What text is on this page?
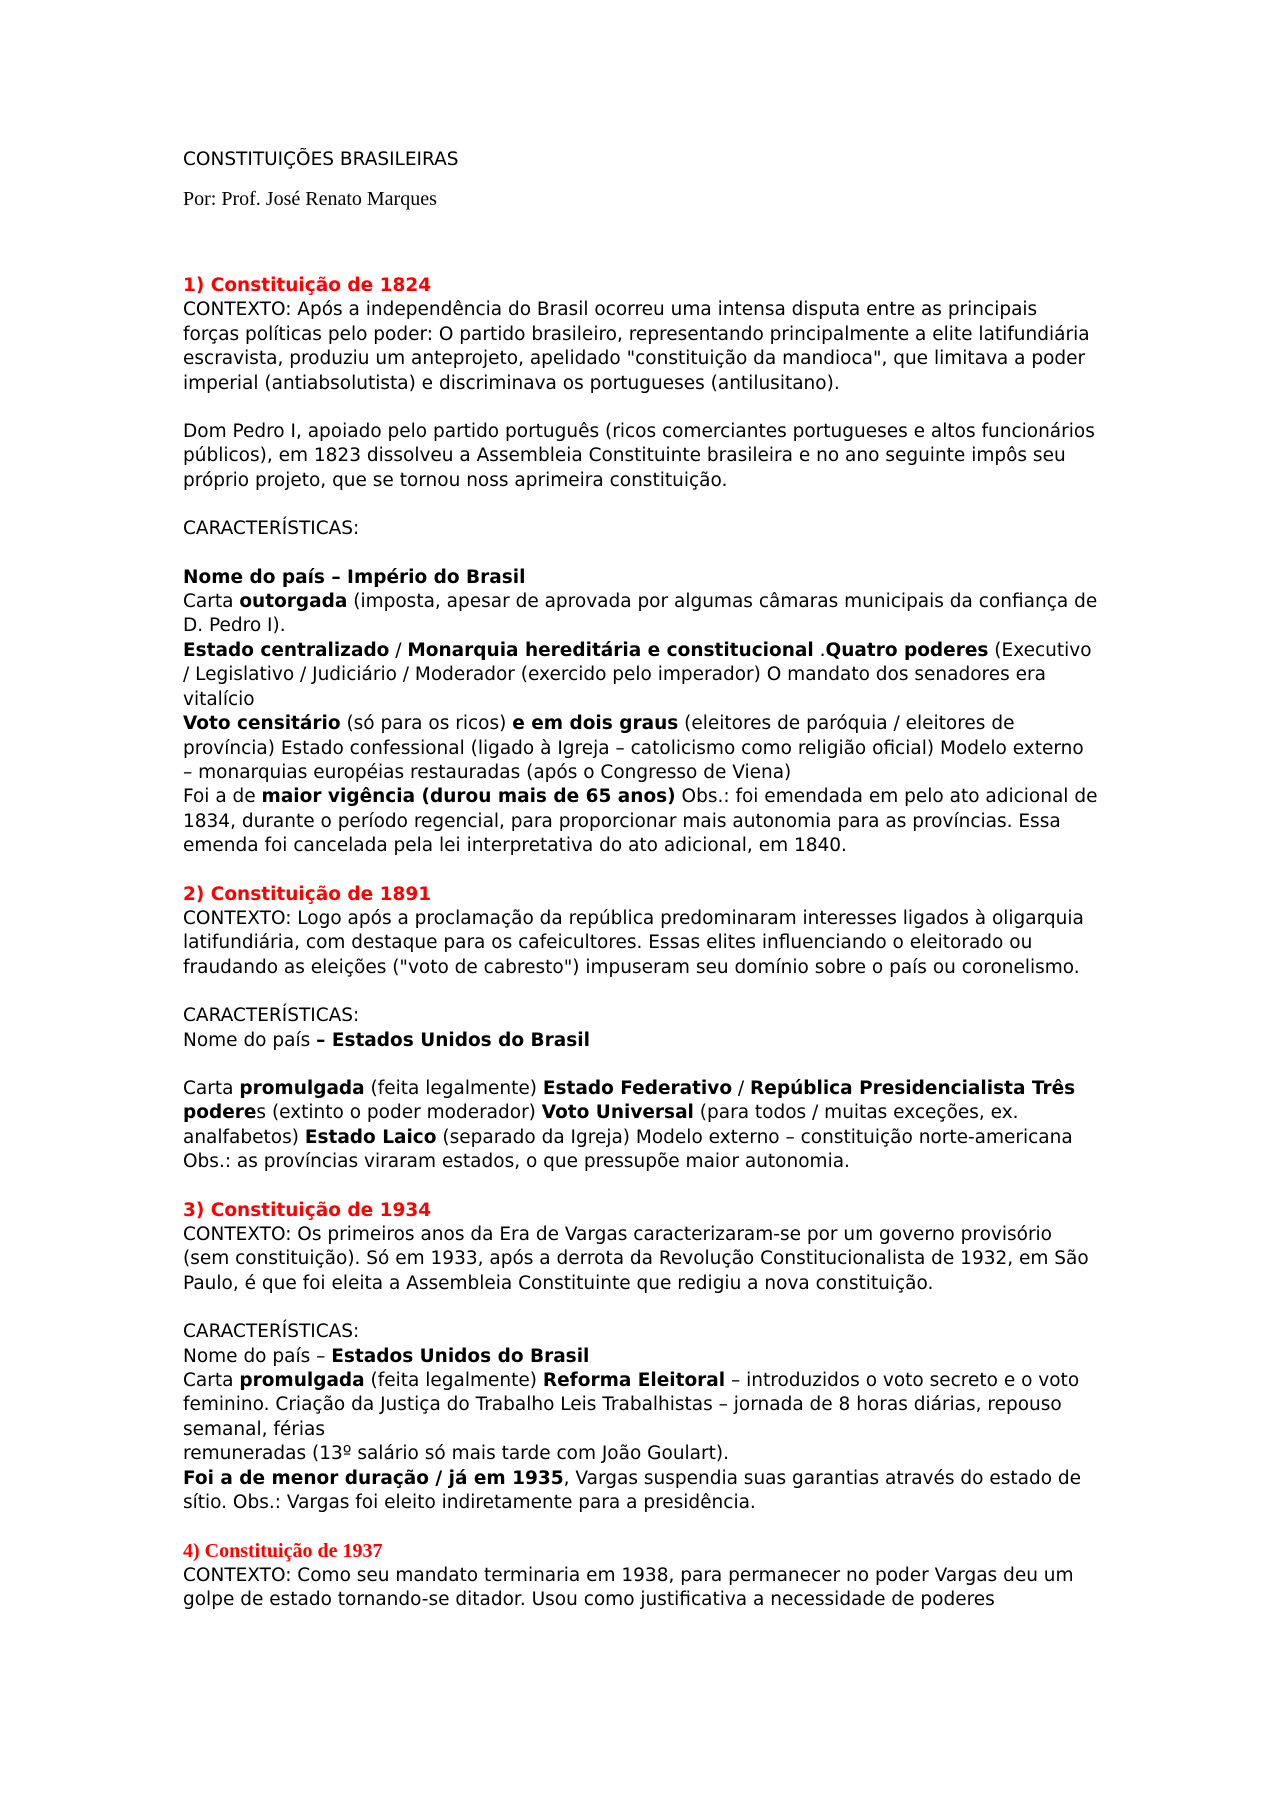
CONSTITUIÇÕES BRASILEIRAS

Por: Prof. José Renato Marques

1) Constituição de 1824

CONTEXTO: Após a independência do Brasil ocorreu uma intensa disputa entre as principais forças políticas pelo poder: O partido brasileiro, representando principalmente a elite latifundiária escravista, produziu um anteprojeto, apelidado "constituição da mandioca", que limitava a poder imperial (antiabsolutista) e discriminava os portugueses (antilusitano).

Dom Pedro I, apoiado pelo partido português (ricos comerciantes portugueses e altos funcionários públicos), em 1823 dissolveu a Assembleia Constituinte brasileira e no ano seguinte impôs seu próprio projeto, que se tornou noss aprimeira constituição.

CARACTERÍSTICAS:

Nome do país – Império do Brasil

Carta outorgada (imposta, apesar de aprovada por algumas câmaras municipais da confiança de D. Pedro I).

Estado centralizado / Monarquia hereditária e constitucional .Quatro poderes (Executivo / Legislativo / Judiciário / Moderador (exercido pelo imperador) O mandato dos senadores era vitalício

Voto censitário (só para os ricos) e em dois graus (eleitores de paróquia / eleitores de província) Estado confessional (ligado à Igreja – catolicismo como religião oficial) Modelo externo – monarquias européias restauradas (após o Congresso de Viena)

Foi a de maior vigência (durou mais de 65 anos) Obs.: foi emendada em pelo ato adicional de 1834, durante o período regencial, para proporcionar mais autonomia para as províncias. Essa emenda foi cancelada pela lei interpretativa do ato adicional, em 1840.

2) Constituição de 1891

CONTEXTO: Logo após a proclamação da república predominaram interesses ligados à oligarquia latifundiária, com destaque para os cafeicultores. Essas elites influenciando o eleitorado ou fraudando as eleições ("voto de cabresto") impuseram seu domínio sobre o país ou coronelismo.

CARACTERÍSTICAS:

Nome do país – Estados Unidos do Brasil

Carta promulgada (feita legalmente) Estado Federativo / República Presidencialista Três poderes (extinto o poder moderador) Voto Universal (para todos / muitas exceções, ex. analfabetos) Estado Laico (separado da Igreja) Modelo externo – constituição norte-americana Obs.: as províncias viraram estados, o que pressupõe maior autonomia.

3) Constituição de 1934

CONTEXTO: Os primeiros anos da Era de Vargas caracterizaram-se por um governo provisório (sem constituição). Só em 1933, após a derrota da Revolução Constitucionalista de 1932, em São Paulo, é que foi eleita a Assembleia Constituinte que redigiu a nova constituição.

CARACTERÍSTICAS:

Nome do país – Estados Unidos do Brasil

Carta promulgada (feita legalmente) Reforma Eleitoral – introduzidos o voto secreto e o voto feminino. Criação da Justiça do Trabalho Leis Trabalhistas – jornada de 8 horas diárias, repouso semanal, férias

remuneradas (13º salário só mais tarde com João Goulart).

Foi a de menor duração / já em 1935, Vargas suspendia suas garantias através do estado de sítio. Obs.: Vargas foi eleito indiretamente para a presidência.

4) Constituição de 1937

CONTEXTO: Como seu mandato terminaria em 1938, para permanecer no poder Vargas deu um golpe de estado tornando-se ditador. Usou como justificativa a necessidade de poderes
